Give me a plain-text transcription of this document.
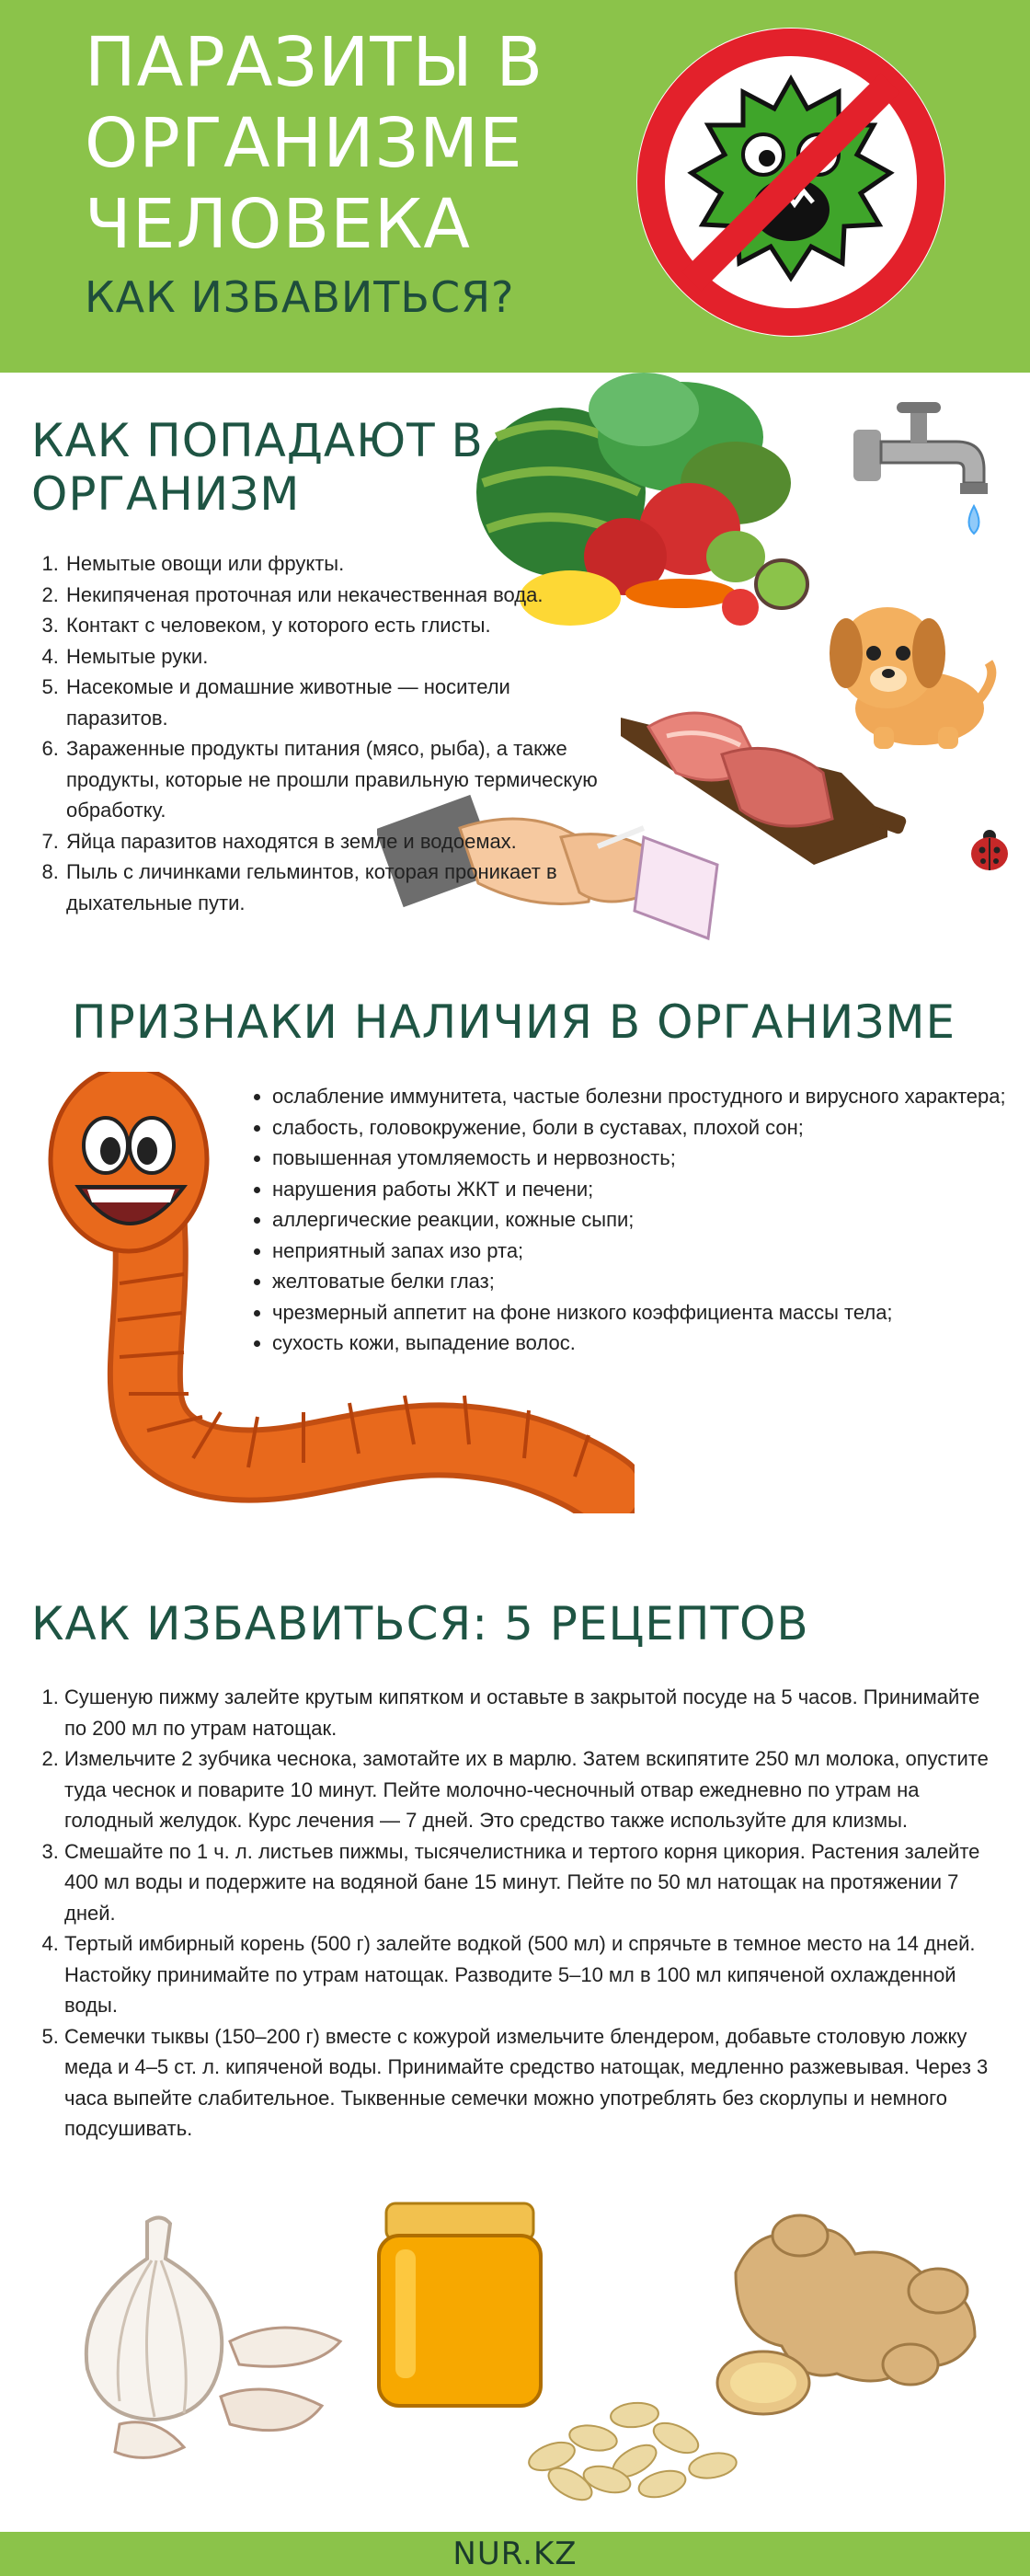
ПАРАЗИТЫ В
ОРГАНИЗМЕ
ЧЕЛОВЕКА
КАК ИЗБАВИТЬСЯ?
КАК ПОПАДАЮТ В
ОРГАНИЗМ
1. Немытые овощи или фрукты.
2. Некипяченая проточная или некачественная вода.
3. Контакт с человеком, у которого есть глисты.
4. Немытые руки.
5. Насекомые и домашние животные — носители паразитов.
6. Зараженные продукты питания (мясо, рыба), а также продукты, которые не прошли правильную термическую обработку.
7. Яйца паразитов находятся в земле и водоемах.
8. Пыль с личинками гельминтов, которая проникает в дыхательные пути.
ПРИЗНАКИ НАЛИЧИЯ В ОРГАНИЗМЕ
• ослабление иммунитета, частые болезни простудного и вирусного характера;
• слабость, головокружение, боли в суставах, плохой сон;
• повышенная утомляемость и нервозность;
• нарушения работы ЖКТ и печени;
• аллергические реакции, кожные сыпи;
• неприятный запах изо рта;
• желтоватые белки глаз;
• чрезмерный аппетит на фоне низкого коэффициента массы тела;
• сухость кожи, выпадение волос.
КАК ИЗБАВИТЬСЯ: 5 РЕЦЕПТОВ
1. Сушеную пижму залейте крутым кипятком и оставьте в закрытой посуде на 5 часов. Принимайте по 200 мл по утрам натощак.
2. Измельчите 2 зубчика чеснока, замотайте их в марлю. Затем вскипятите 250 мл молока, опустите туда чеснок и поварите 10 минут. Пейте молочно-чесночный отвар ежедневно по утрам на голодный желудок. Курс лечения — 7 дней. Это средство также используйте для клизмы.
3. Смешайте по 1 ч. л. листьев пижмы, тысячелистника и тертого корня цикория. Растения залейте 400 мл воды и подержите на водяной бане 15 минут. Пейте по 50 мл натощак на протяжении 7 дней.
4. Тертый имбирный корень (500 г) залейте водкой (500 мл) и спрячьте в темное место на 14 дней. Настойку принимайте по утрам натощак. Разводите 5–10 мл в 100 мл кипяченой охлажденной воды.
5. Семечки тыквы (150–200 г) вместе с кожурой измельчите блендером, добавьте столовую ложку меда и 4–5 ст. л. кипяченой воды. Принимайте средство натощак, медленно разжевывая. Через 3 часа выпейте слабительное. Тыквенные семечки можно употреблять без скорлупы и немного подсушивать.
NUR.KZ
